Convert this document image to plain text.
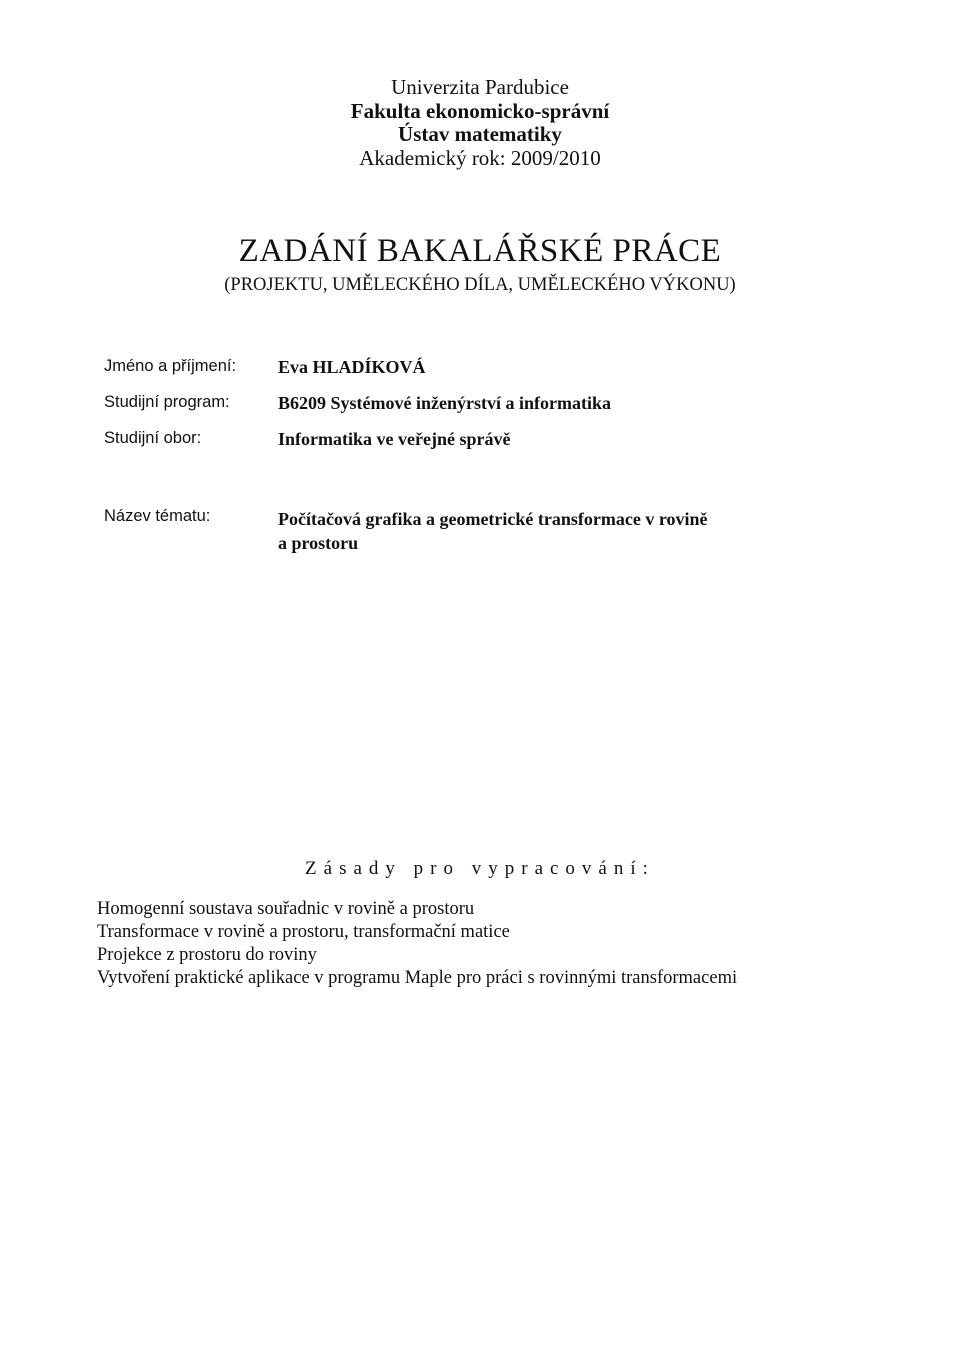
Univerzita Pardubice
Fakulta ekonomicko-správní
Ústav matematiky
Akademický rok: 2009/2010
ZADÁNÍ BAKALÁŘSKÉ PRÁCE
(PROJEKTU, UMĚLECKÉHO DÍLA, UMĚLECKÉHO VÝKONU)
Jméno a příjmení: Eva HLADÍKOVÁ
Studijní program:	B6209 Systémové inženýrství a informatika
Studijní obor:	Informatika ve veřejné správě
Název tématu:	Počítačová grafika a geometrické transformace v rovině
a prostoru
Zásady pro vypracování:
Homogenní soustava souřadnic v rovině a prostoru
Transformace v rovině a prostoru, transformační matice
Projekce z prostoru do roviny
Vytvoření praktické aplikace v programu Maple pro práci s rovinnými transformacemi
